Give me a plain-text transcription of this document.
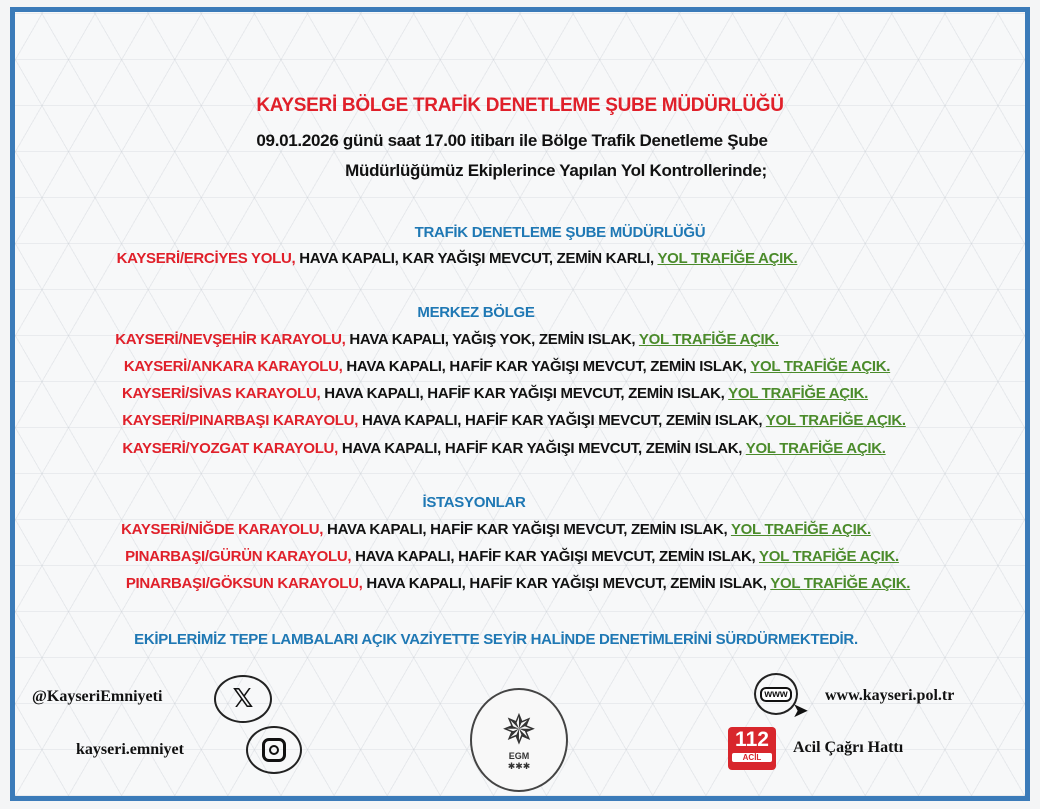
KAYSERİ BÖLGE TRAFİK DENETLEME ŞUBE MÜDÜRLÜĞÜ
09.01.2026 günü saat 17.00 itibarı ile Bölge Trafik Denetleme Şube
Müdürlüğümüz Ekiplerince Yapılan Yol Kontrollerinde;
TRAFİK DENETLEME ŞUBE MÜDÜRLÜĞÜ
KAYSERİ/ERCİYES YOLU, HAVA KAPALI, KAR YAĞIŞI MEVCUT, ZEMİN KARLI, YOL TRAFİĞE AÇIK.
MERKEZ BÖLGE
KAYSERİ/NEVŞEHİR KARAYOLU, HAVA KAPALI, YAĞIŞ YOK, ZEMİN ISLAK, YOL TRAFİĞE AÇIK.
KAYSERİ/ANKARA KARAYOLU, HAVA KAPALI, HAFİF KAR YAĞIŞI MEVCUT, ZEMİN ISLAK, YOL TRAFİĞE AÇIK.
KAYSERİ/SİVAS KARAYOLU, HAVA KAPALI, HAFİF KAR YAĞIŞI MEVCUT, ZEMİN ISLAK, YOL TRAFİĞE AÇIK.
KAYSERİ/PINARBAŞI KARAYOLU, HAVA KAPALI, HAFİF KAR YAĞIŞI MEVCUT, ZEMİN ISLAK, YOL TRAFİĞE AÇIK.
KAYSERİ/YOZGAT KARAYOLU, HAVA KAPALI, HAFİF KAR YAĞIŞI MEVCUT, ZEMİN ISLAK, YOL TRAFİĞE AÇIK.
İSTASYONLAR
KAYSERİ/NİĞDE KARAYOLU, HAVA KAPALI, HAFİF KAR YAĞIŞI MEVCUT, ZEMİN ISLAK, YOL TRAFİĞE AÇIK.
PINARBAŞI/GÜRÜN KARAYOLU, HAVA KAPALI, HAFİF KAR YAĞIŞI MEVCUT, ZEMİN ISLAK, YOL TRAFİĞE AÇIK.
PINARBAŞI/GÖKSUN KARAYOLU, HAVA KAPALI, HAFİF KAR YAĞIŞI MEVCUT, ZEMİN ISLAK, YOL TRAFİĞE AÇIK.
EKİPLERİMİZ TEPE LAMBALARI AÇIK VAZİYETTE SEYİR HALİNDE DENETİMLERİNİ SÜRDÜRMEKTEDİR.
@KayseriEmniyeti	𝕏
kayseri.emniyet	✵
EGM
✱✱✱
www
➤
www.kayseri.pol.tr
112
ACİL
Acil Çağrı Hattı
